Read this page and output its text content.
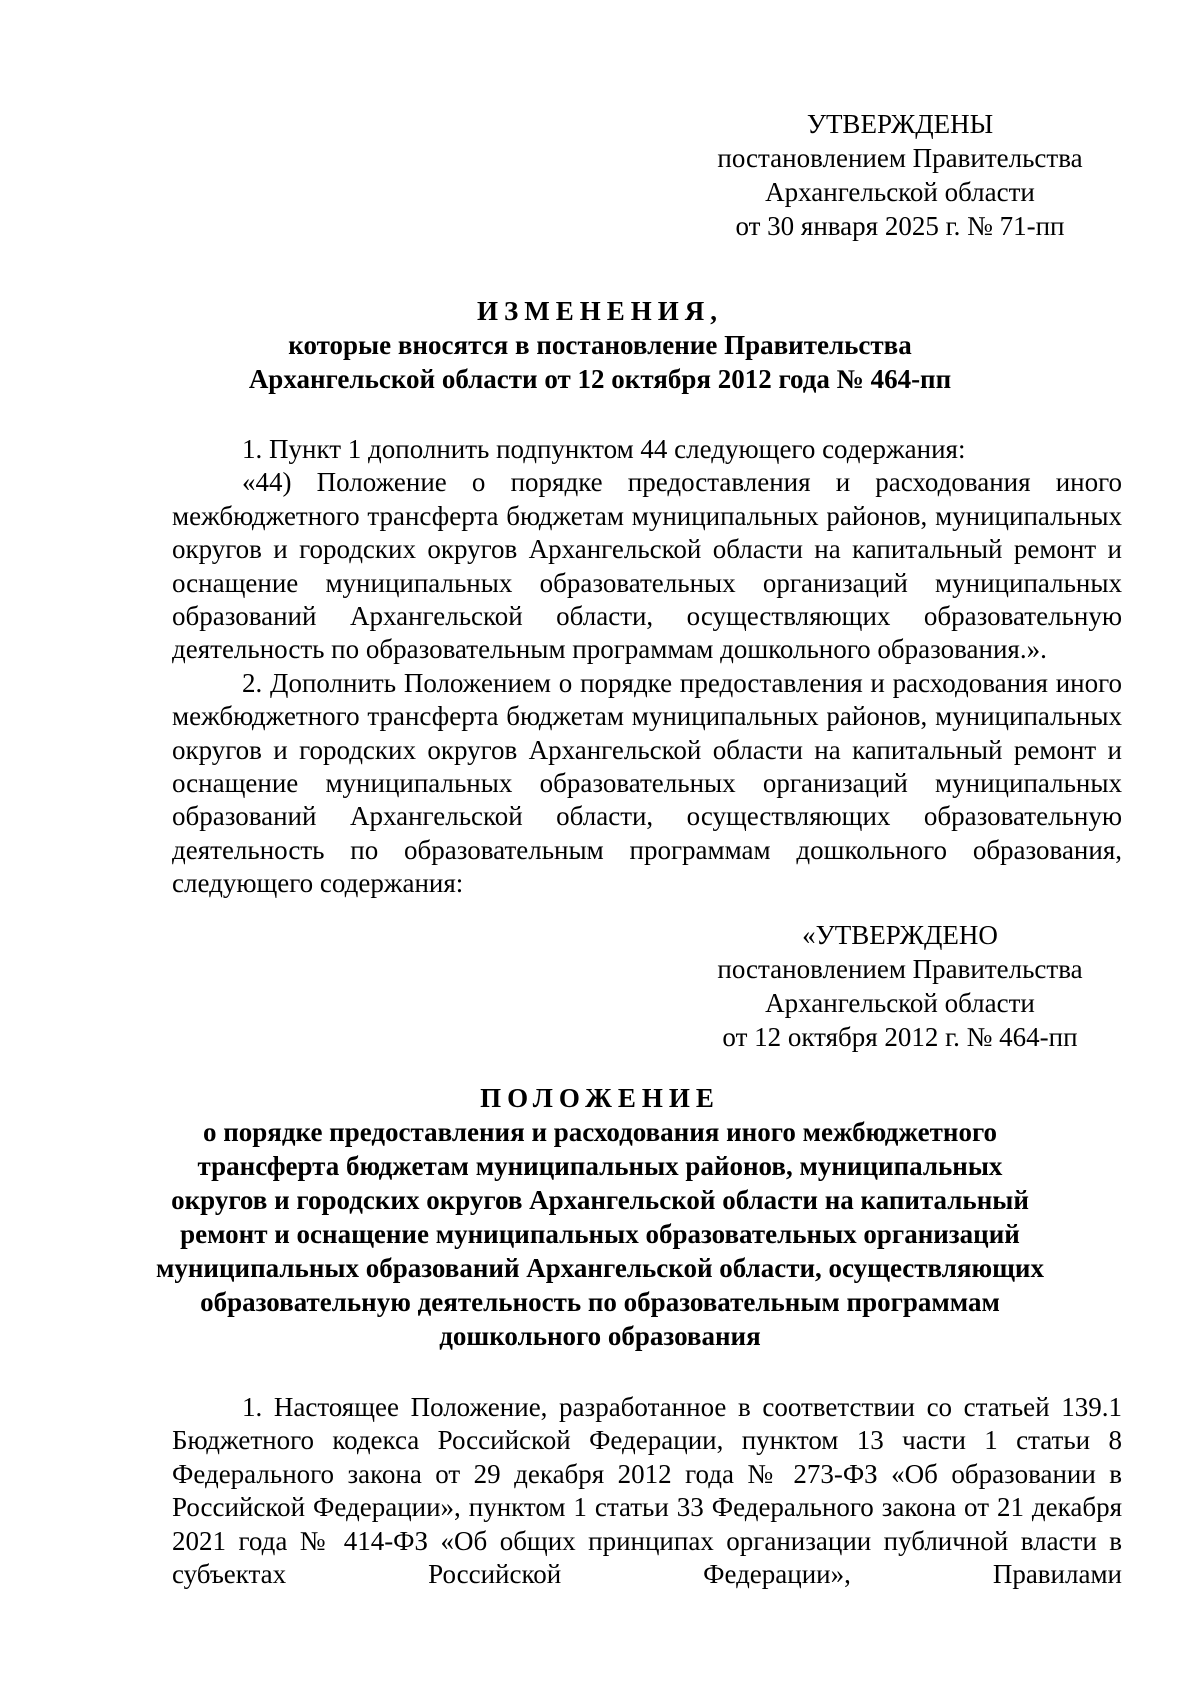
УТВЕРЖДЕНЫ
постановлением Правительства
Архангельской области
от 30 января 2025 г. № 71-пп
ИЗМЕНЕНИЯ,
которые вносятся в постановление Правительства
Архангельской области от 12 октября 2012 года № 464-пп

1. Пункт 1 дополнить подпунктом 44 следующего содержания:

«44) Положение о порядке предоставления и расходования иного межбюджетного трансферта бюджетам муниципальных районов, муниципальных округов и городских округов Архангельской области на капитальный ремонт и оснащение муниципальных образовательных организаций муниципальных образований Архангельской области, осуществляющих образовательную деятельность по образовательным программам дошкольного образования.».

2. Дополнить Положением о порядке предоставления и расходования иного межбюджетного трансферта бюджетам муниципальных районов, муниципальных округов и городских округов Архангельской области на капитальный ремонт и оснащение муниципальных образовательных организаций муниципальных образований Архангельской области, осуществляющих образовательную деятельность по образовательным программам дошкольного образования, следующего содержания:

«УТВЕРЖДЕНО
постановлением Правительства
Архангельской области
от 12 октября 2012 г. № 464-пп
ПОЛОЖЕНИЕ
о порядке предоставления и расходования иного межбюджетного
трансферта бюджетам муниципальных районов, муниципальных
округов и городских округов Архангельской области на капитальный
ремонт и оснащение муниципальных образовательных организаций
муниципальных образований Архангельской области, осуществляющих
образовательную деятельность по образовательным программам
дошкольного образования

1. Настоящее Положение, разработанное в соответствии со статьей 139.1 Бюджетного кодекса Российской Федерации, пунктом 13 части 1 статьи 8 Федерального закона от 29 декабря 2012 года № 273-ФЗ «Об образовании в Российской Федерации», пунктом 1 статьи 33 Федерального закона от 21 декабря 2021 года № 414-ФЗ «Об общих принципах организации публичной власти в субъектах Российской Федерации», Правилами
